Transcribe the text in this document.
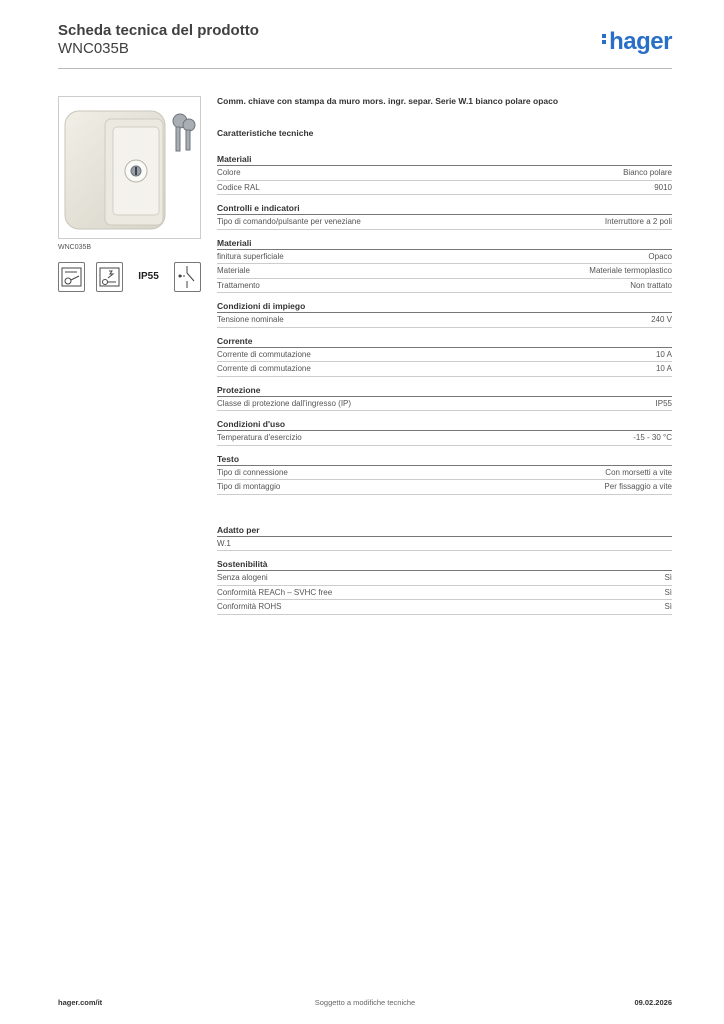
Scheda tecnica del prodotto
WNC035B	hager
WNC035B
IP55
Comm. chiave con stampa da muro mors. ingr. separ. Serie W.1 bianco polare opaco
Caratteristiche tecniche
Materiali
Colore	Bianco polare
Codice RAL	9010
Controlli e indicatori
Tipo di comando/pulsante per veneziane	Interruttore a 2 poli
Materiali
finitura superficiale	Opaco
Materiale	Materiale termoplastico
Trattamento	Non trattato
Condizioni di impiego
Tensione nominale	240 V
Corrente
Corrente di commutazione	10 A
Corrente di commutazione	10 A
Protezione
Classe di protezione dall'ingresso (IP)	IP55
Condizioni d'uso
Temperatura d'esercizio	-15 - 30 °C
Testo
Tipo di connessione	Con morsetti a vite
Tipo di montaggio	Per fissaggio a vite
Adatto per
W.1
Sostenibilità
Senza alogeni	Sì
Conformità REACh – SVHC free	Sì
Conformità ROHS	Sì
hager.com/it	Soggetto a modifiche tecniche	09.02.2026
